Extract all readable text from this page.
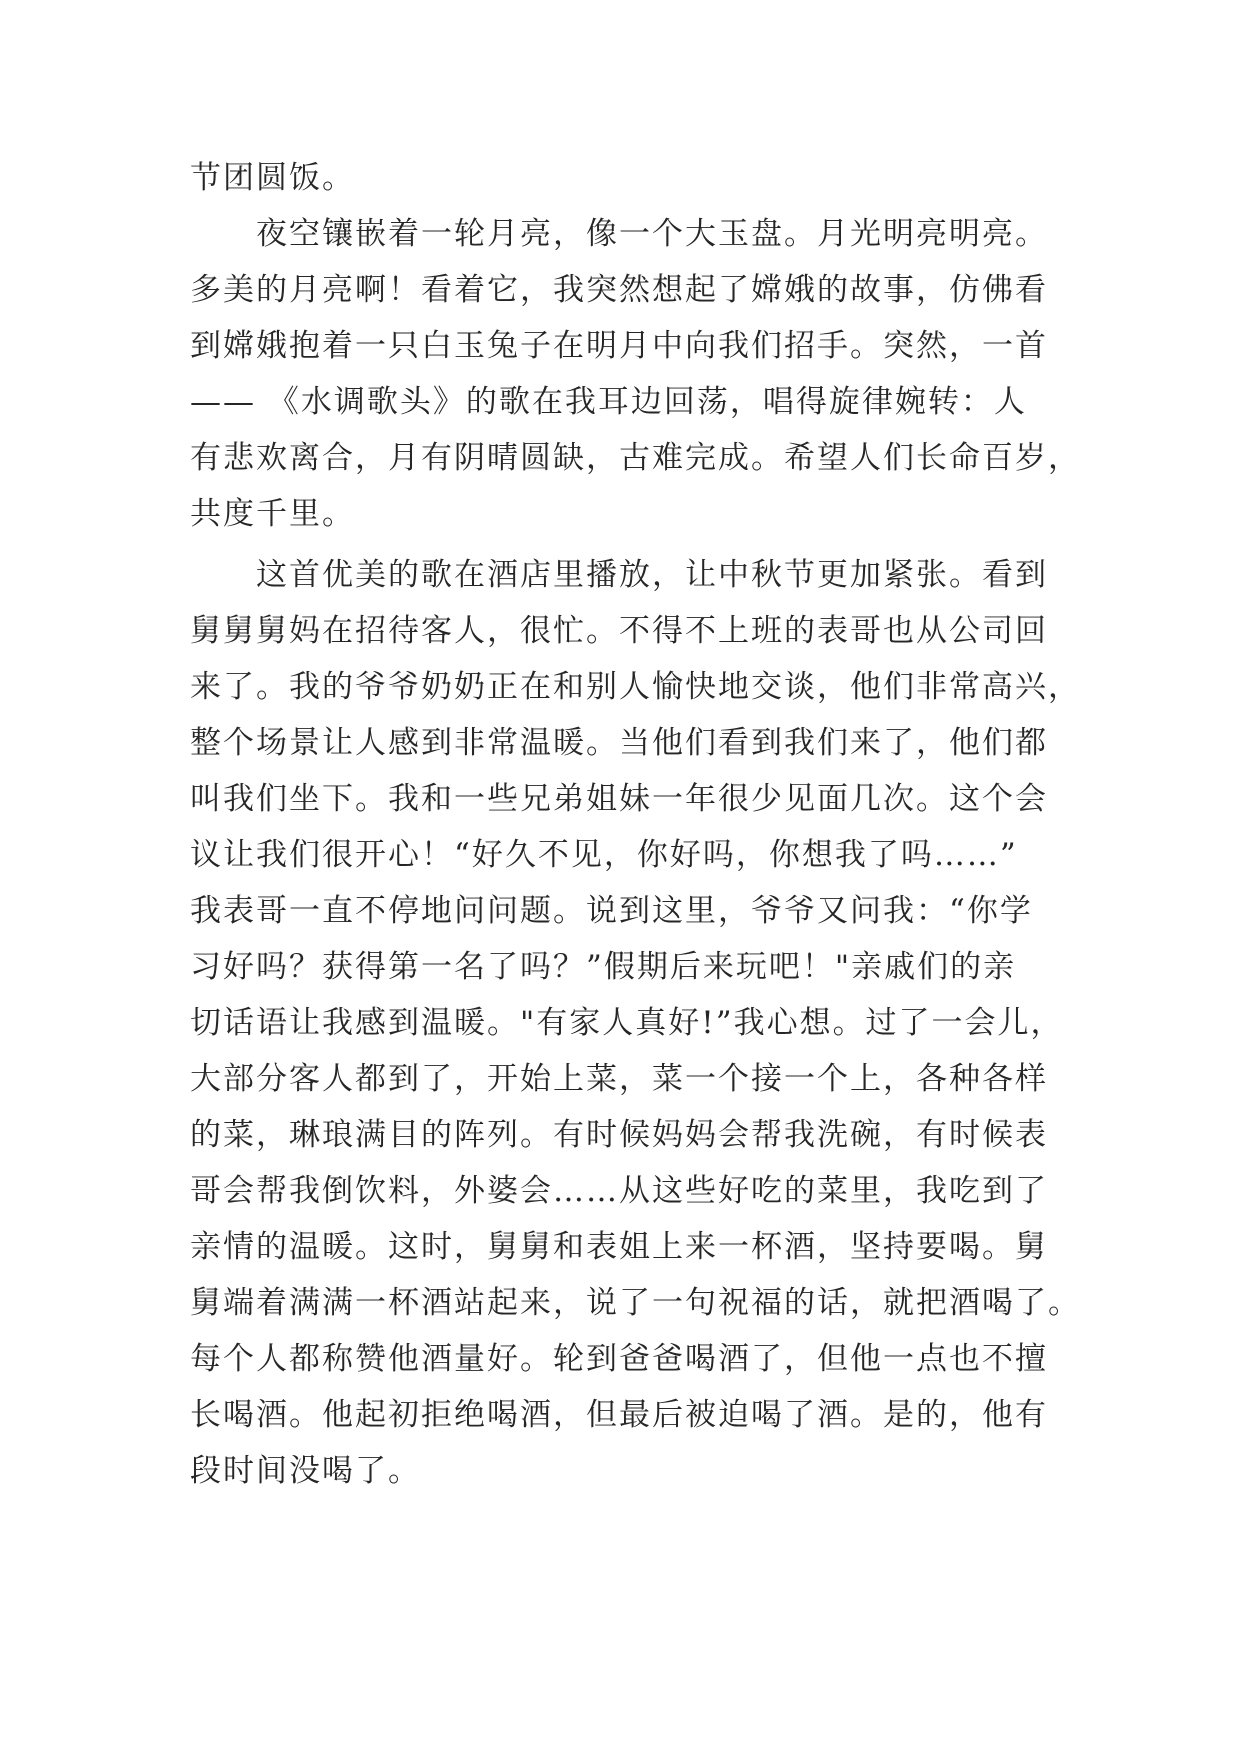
节团圆饭。
夜空镶嵌着一轮月亮，像一个大玉盘。月光明亮明亮。
多美的月亮啊！看着它，我突然想起了嫦娥的故事，仿佛看
到嫦娥抱着一只白玉兔子在明月中向我们招手。突然，一首
—— 《水调歌头》的歌在我耳边回荡，唱得旋律婉转：人
有悲欢离合，月有阴晴圆缺，古难完成。希望人们长命百岁，
共度千里。
这首优美的歌在酒店里播放，让中秋节更加紧张。看到
舅舅舅妈在招待客人，很忙。不得不上班的表哥也从公司回
来了。我的爷爷奶奶正在和别人愉快地交谈，他们非常高兴，
整个场景让人感到非常温暖。当他们看到我们来了，他们都
叫我们坐下。我和一些兄弟姐妹一年很少见面几次。这个会
议让我们很开心！“好久不见，你好吗，你想我了吗……”
我表哥一直不停地问问题。说到这里，爷爷又问我：“你学
习好吗？获得第一名了吗？”假期后来玩吧！"亲戚们的亲
切话语让我感到温暖。"有家人真好!”我心想。过了一会儿，
大部分客人都到了，开始上菜，菜一个接一个上，各种各样
的菜，琳琅满目的阵列。有时候妈妈会帮我洗碗，有时候表
哥会帮我倒饮料，外婆会……从这些好吃的菜里，我吃到了
亲情的温暖。这时，舅舅和表姐上来一杯酒，坚持要喝。舅
舅端着满满一杯酒站起来，说了一句祝福的话，就把酒喝了。
每个人都称赞他酒量好。轮到爸爸喝酒了，但他一点也不擅
长喝酒。他起初拒绝喝酒，但最后被迫喝了酒。是的，他有
段时间没喝了。
